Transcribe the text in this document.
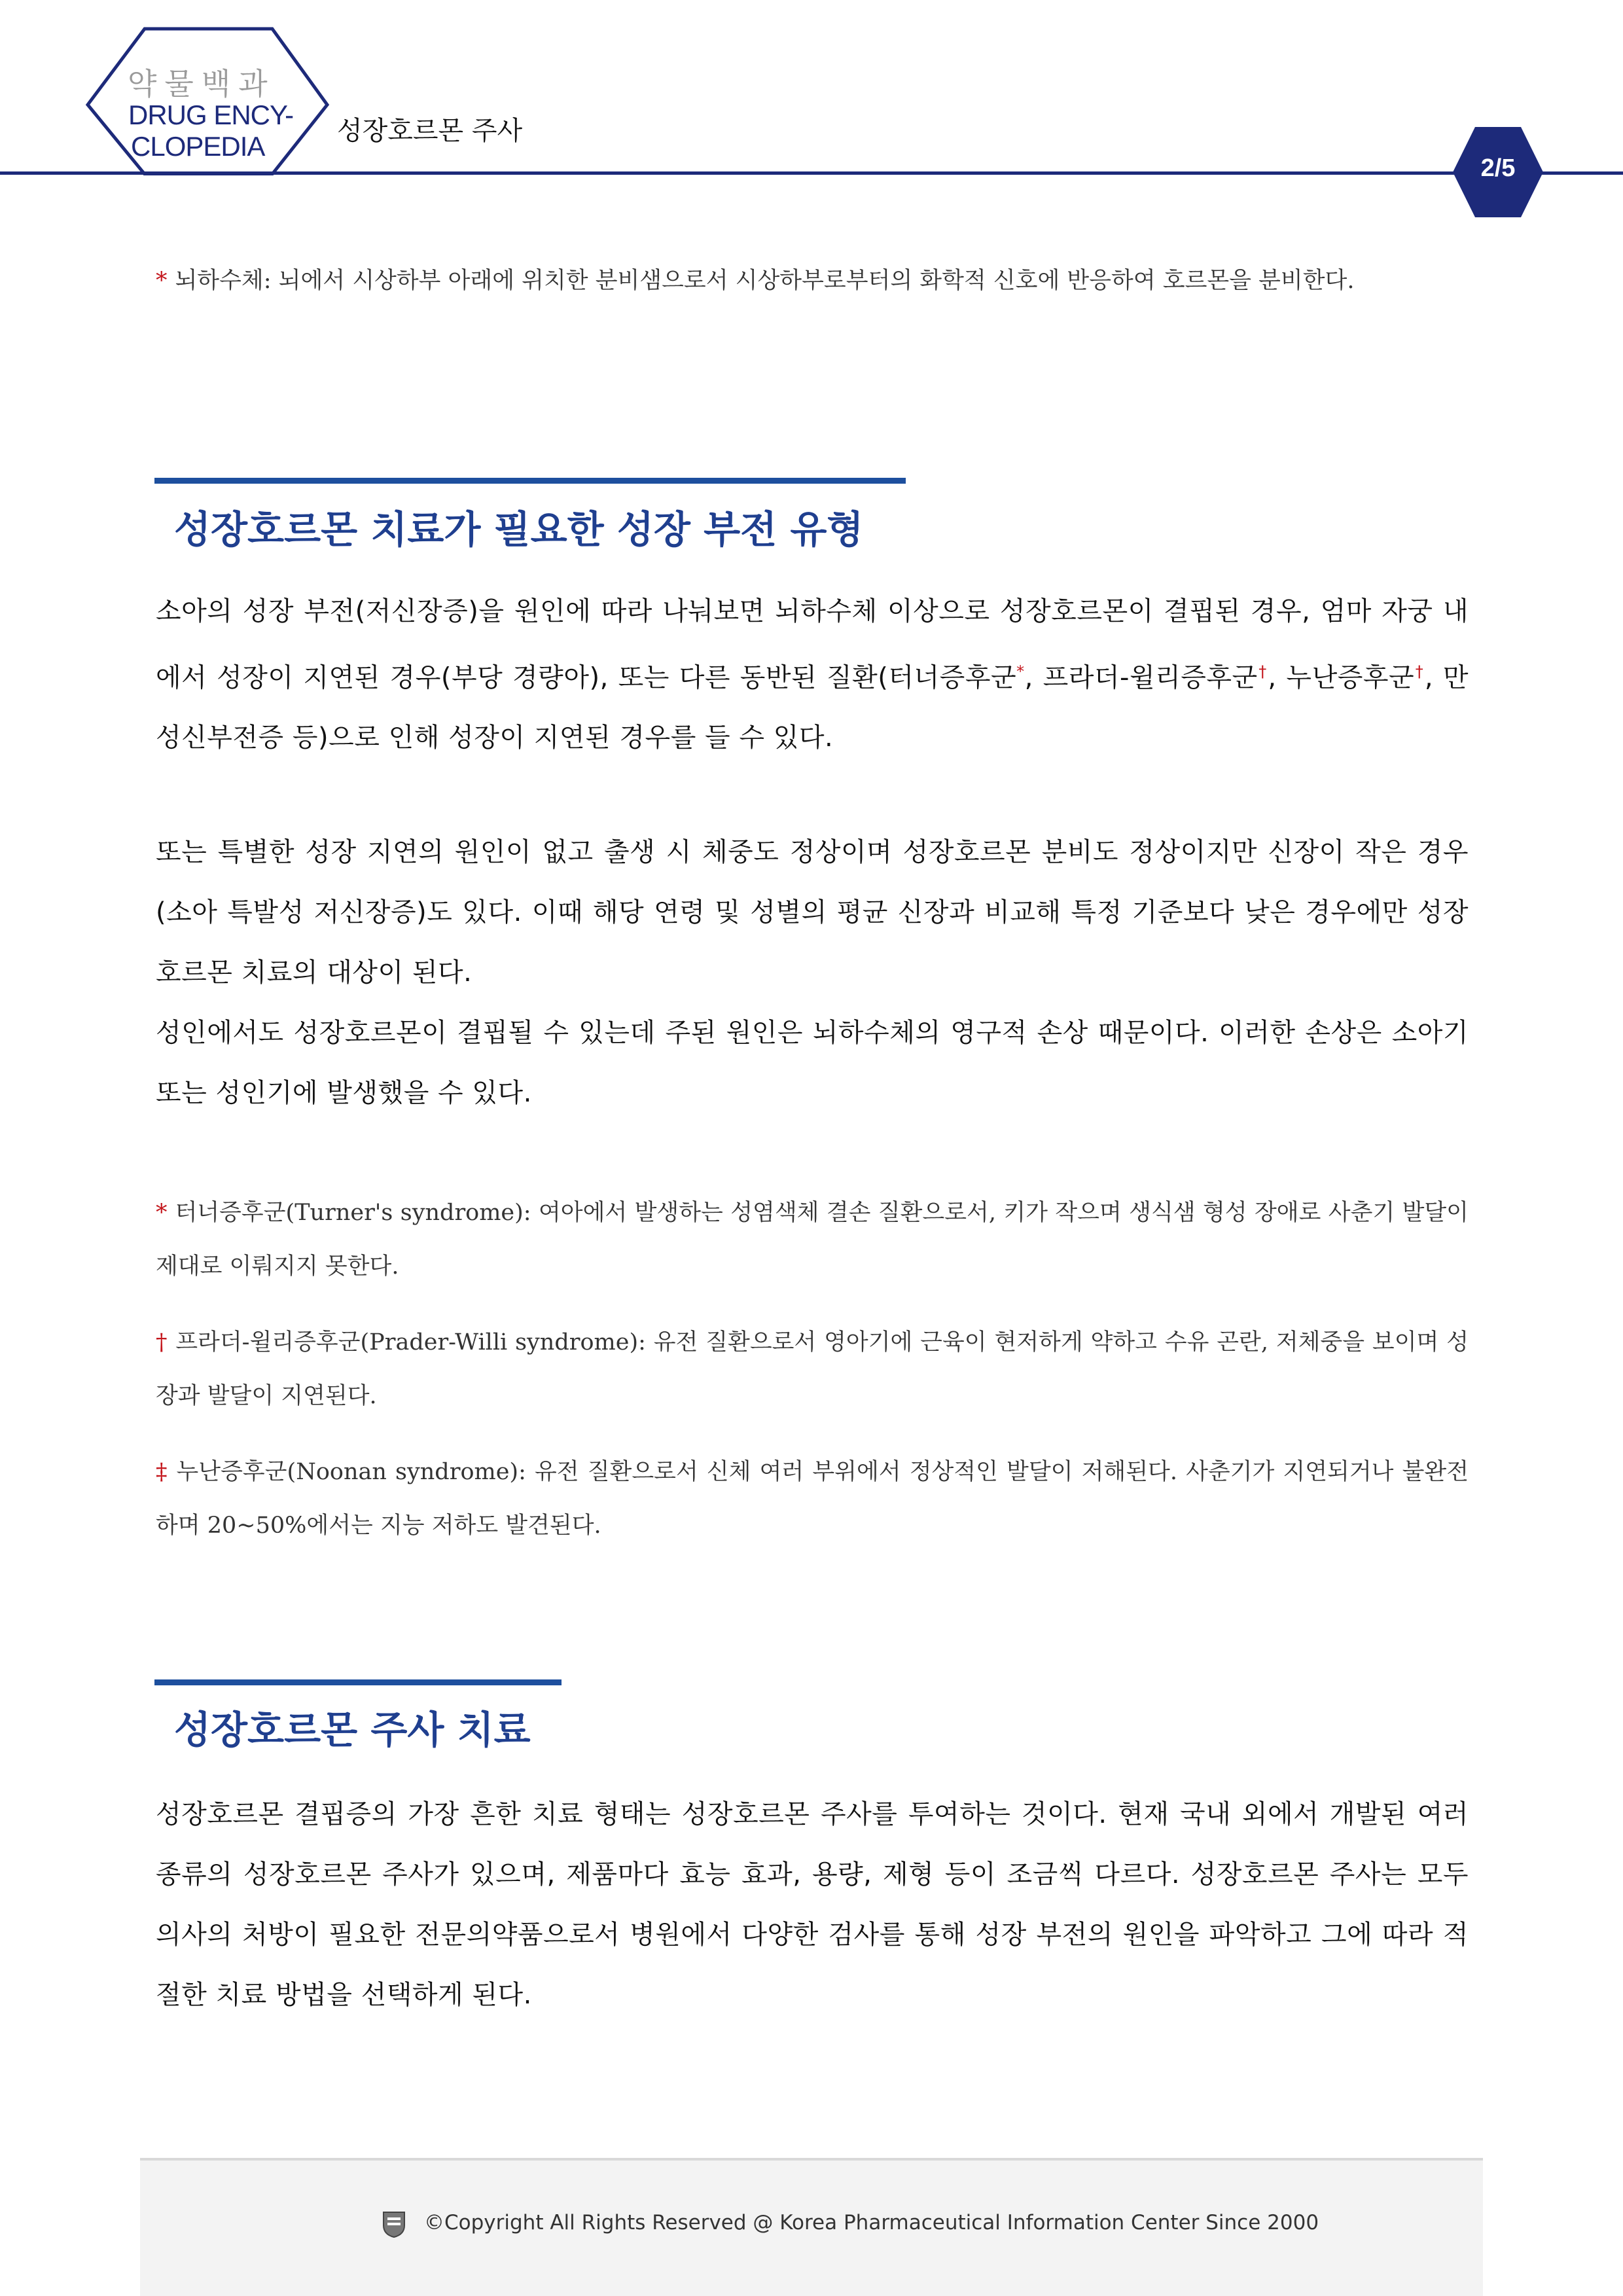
약물백과
DRUG ENCY-
CLOPEDIA	성장호르몬 주사
2/5

* 뇌하수체: 뇌에서 시상하부 아래에 위치한 분비샘으로서 시상하부로부터의 화학적 신호에 반응하여 호르몬을 분비한다.

성장호르몬 치료가 필요한 성장 부전 유형

소아의 성장 부전(저신장증)을 원인에 따라 나눠보면 뇌하수체 이상으로 성장호르몬이 결핍된 경우, 엄마 자궁 내에서 성장이 지연된 경우(부당 경량아), 또는 다른 동반된 질환(터너증후군*, 프라더-윌리증후군†, 누난증후군†, 만성신부전증 등)으로 인해 성장이 지연된 경우를 들 수 있다.

또는 특별한 성장 지연의 원인이 없고 출생 시 체중도 정상이며 성장호르몬 분비도 정상이지만 신장이 작은 경우(소아 특발성 저신장증)도 있다. 이때 해당 연령 및 성별의 평균 신장과 비교해 특정 기준보다 낮은 경우에만 성장호르몬 치료의 대상이 된다.

성인에서도 성장호르몬이 결핍될 수 있는데 주된 원인은 뇌하수체의 영구적 손상 때문이다. 이러한 손상은 소아기 또는 성인기에 발생했을 수 있다.

* 터너증후군(Turner's syndrome): 여아에서 발생하는 성염색체 결손 질환으로서, 키가 작으며 생식샘 형성 장애로 사춘기 발달이 제대로 이뤄지지 못한다.

† 프라더-윌리증후군(Prader-Willi syndrome): 유전 질환으로서 영아기에 근육이 현저하게 약하고 수유 곤란, 저체중을 보이며 성장과 발달이 지연된다.

‡ 누난증후군(Noonan syndrome): 유전 질환으로서 신체 여러 부위에서 정상적인 발달이 저해된다. 사춘기가 지연되거나 불완전하며 20~50%에서는 지능 저하도 발견된다.

성장호르몬 주사 치료

성장호르몬 결핍증의 가장 흔한 치료 형태는 성장호르몬 주사를 투여하는 것이다. 현재 국내 외에서 개발된 여러 종류의 성장호르몬 주사가 있으며, 제품마다 효능 효과, 용량, 제형 등이 조금씩 다르다. 성장호르몬 주사는 모두 의사의 처방이 필요한 전문의약품으로서 병원에서 다양한 검사를 통해 성장 부전의 원인을 파악하고 그에 따라 적절한 치료 방법을 선택하게 된다.

©Copyright All Rights Reserved @ Korea Pharmaceutical Information Center Since 2000
